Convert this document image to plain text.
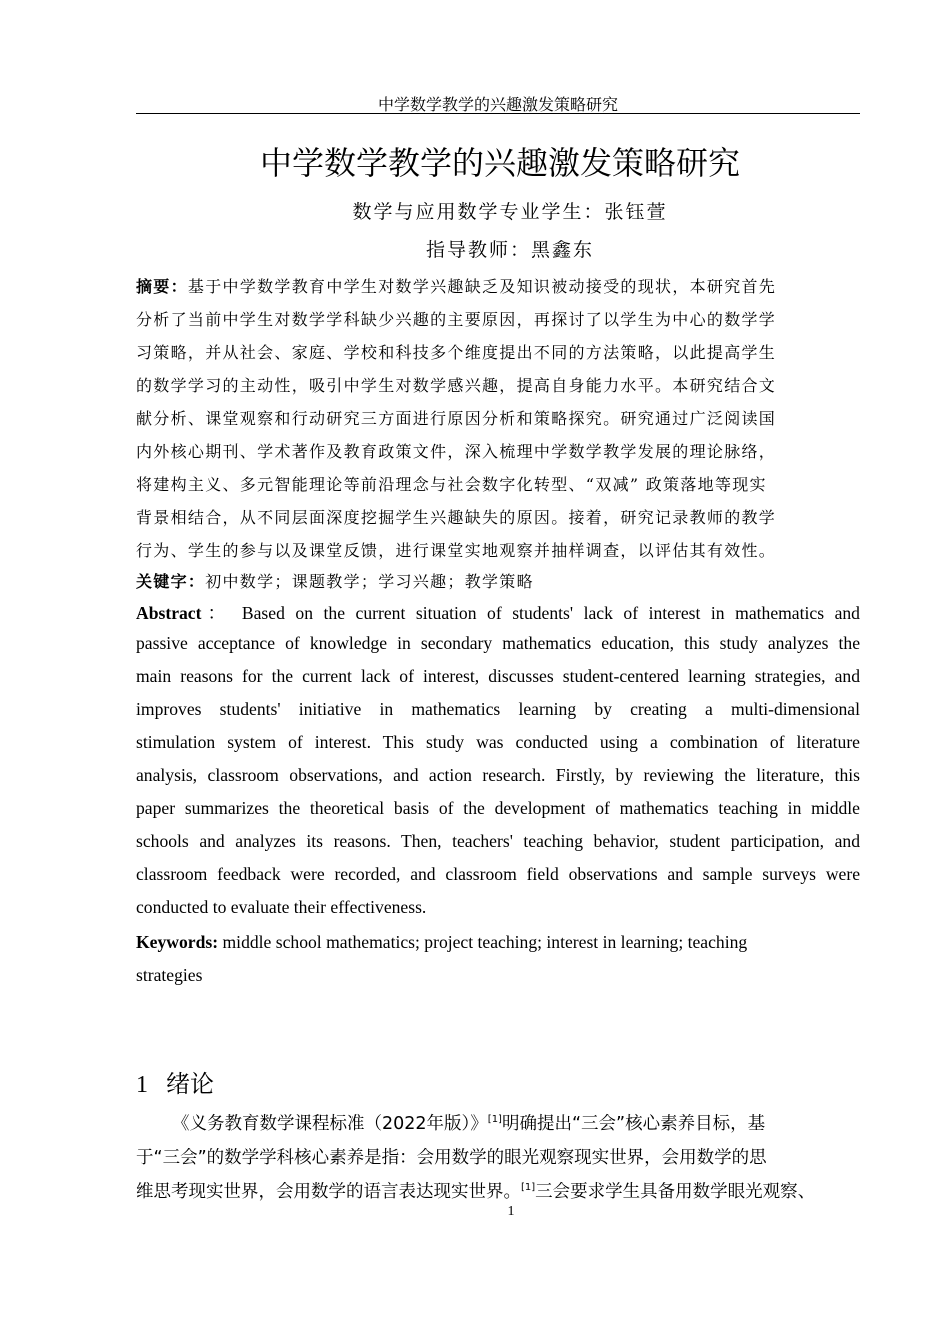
中学数学教学的兴趣激发策略研究
中学数学教学的兴趣激发策略研究
数学与应用数学专业学生：张钰萱
指导教师：黑鑫东
摘要：基于中学数学教育中学生对数学兴趣缺乏及知识被动接受的现状，本研究首先
分析了当前中学生对数学学科缺少兴趣的主要原因，再探讨了以学生为中心的数学学
习策略，并从社会、家庭、学校和科技多个维度提出不同的方法策略，以此提高学生
的数学学习的主动性，吸引中学生对数学感兴趣，提高自身能力水平。本研究结合文
献分析、课堂观察和行动研究三方面进行原因分析和策略探究。研究通过广泛阅读国
内外核心期刊、学术著作及教育政策文件，深入梳理中学数学教学发展的理论脉络，
将建构主义、多元智能理论等前沿理念与社会数字化转型、“双减” 政策落地等现实
背景相结合，从不同层面深度挖掘学生兴趣缺失的原因。接着，研究记录教师的教学
行为、学生的参与以及课堂反馈，进行课堂实地观察并抽样调查，以评估其有效性。
关键字：初中数学；课题教学；学习兴趣；教学策略
Abstract： Based on the current situation of students' lack of interest in mathematics and
passive acceptance of knowledge in secondary mathematics education, this study analyzes the
main reasons for the current lack of interest, discusses student-centered learning strategies, and
improves students' initiative in mathematics learning by creating a multi-dimensional
stimulation system of interest. This study was conducted using a combination of literature
analysis, classroom observations, and action research. Firstly, by reviewing the literature, this
paper summarizes the theoretical basis of the development of mathematics teaching in middle
schools and analyzes its reasons. Then, teachers' teaching behavior, student participation, and
classroom feedback were recorded, and classroom field observations and sample surveys were
conducted to evaluate their effectiveness.
Keywords: middle school mathematics; project teaching; interest in learning; teaching
strategies
1 绪论
《义务教育数学课程标准（2022年版）》[1]明确提出“三会”核心素养目标，基
于“三会”的数学学科核心素养是指：会用数学的眼光观察现实世界，会用数学的思
维思考现实世界，会用数学的语言表达现实世界。[1]三会要求学生具备用数学眼光观察、
1
